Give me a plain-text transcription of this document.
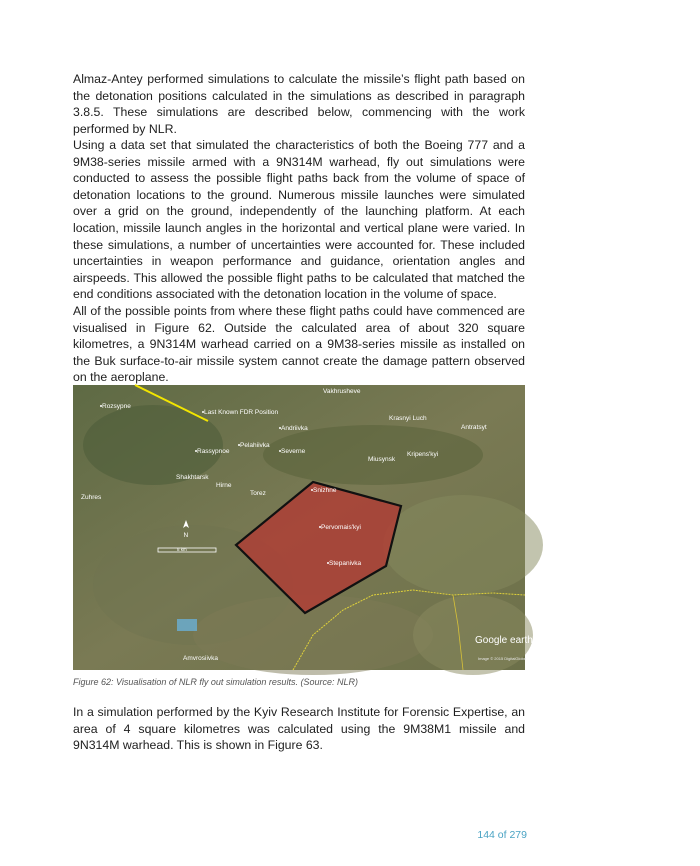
Almaz-Antey performed simulations to calculate the missile’s flight path based on the detonation positions calculated in the simulations as described in paragraph 3.8.5. These simulations are described below, commencing with the work performed by NLR.

Using a data set that simulated the characteristics of both the Boeing 777 and a 9M38-series missile armed with a 9N314M warhead, fly out simulations were conducted to assess the possible flight paths back from the volume of space of detonation locations to the ground. Numerous missile launches were simulated over a grid on the ground, independently of the launching platform. At each location, missile launch angles in the horizontal and vertical plane were varied. In these simulations, a number of uncertainties were accounted for. These included uncertainties in weapon performance and guidance, orientation angles and airspeeds. This allowed the possible flight paths to be calculated that matched the end conditions associated with the detonation location in the volume of space.

All of the possible points from where these flight paths could have commenced are visualised in Figure 62. Outside the calculated area of about 320 square kilometres, a 9N314M warhead carried on a 9M38-series missile as installed on the Buk surface-to-air missile system cannot create the damage pattern observed on the aeroplane.

Rozsypne
Vakhrusheve
Last Known FDR Position
Andriivka
Krasnyi Luch
Antratsyt
Rassypnoe
Pelahiivka
Severne
Miusynsk
Kripens'kyi
Shakhtarsk
Hirne
Torez	Snizhne
Zuhres
Pervomais'kyi
Stepanivka
Amvrosiivka
N
8 km
Google earth
Image © 2015 DigitalGlobe
Figure 62: Visualisation of NLR fly out simulation results. (Source: NLR)

In a simulation performed by the Kyiv Research Institute for Forensic Expertise, an area of 4 square kilometres was calculated using the 9M38M1 missile and 9N314M warhead. This is shown in Figure 63.

144 of 279
